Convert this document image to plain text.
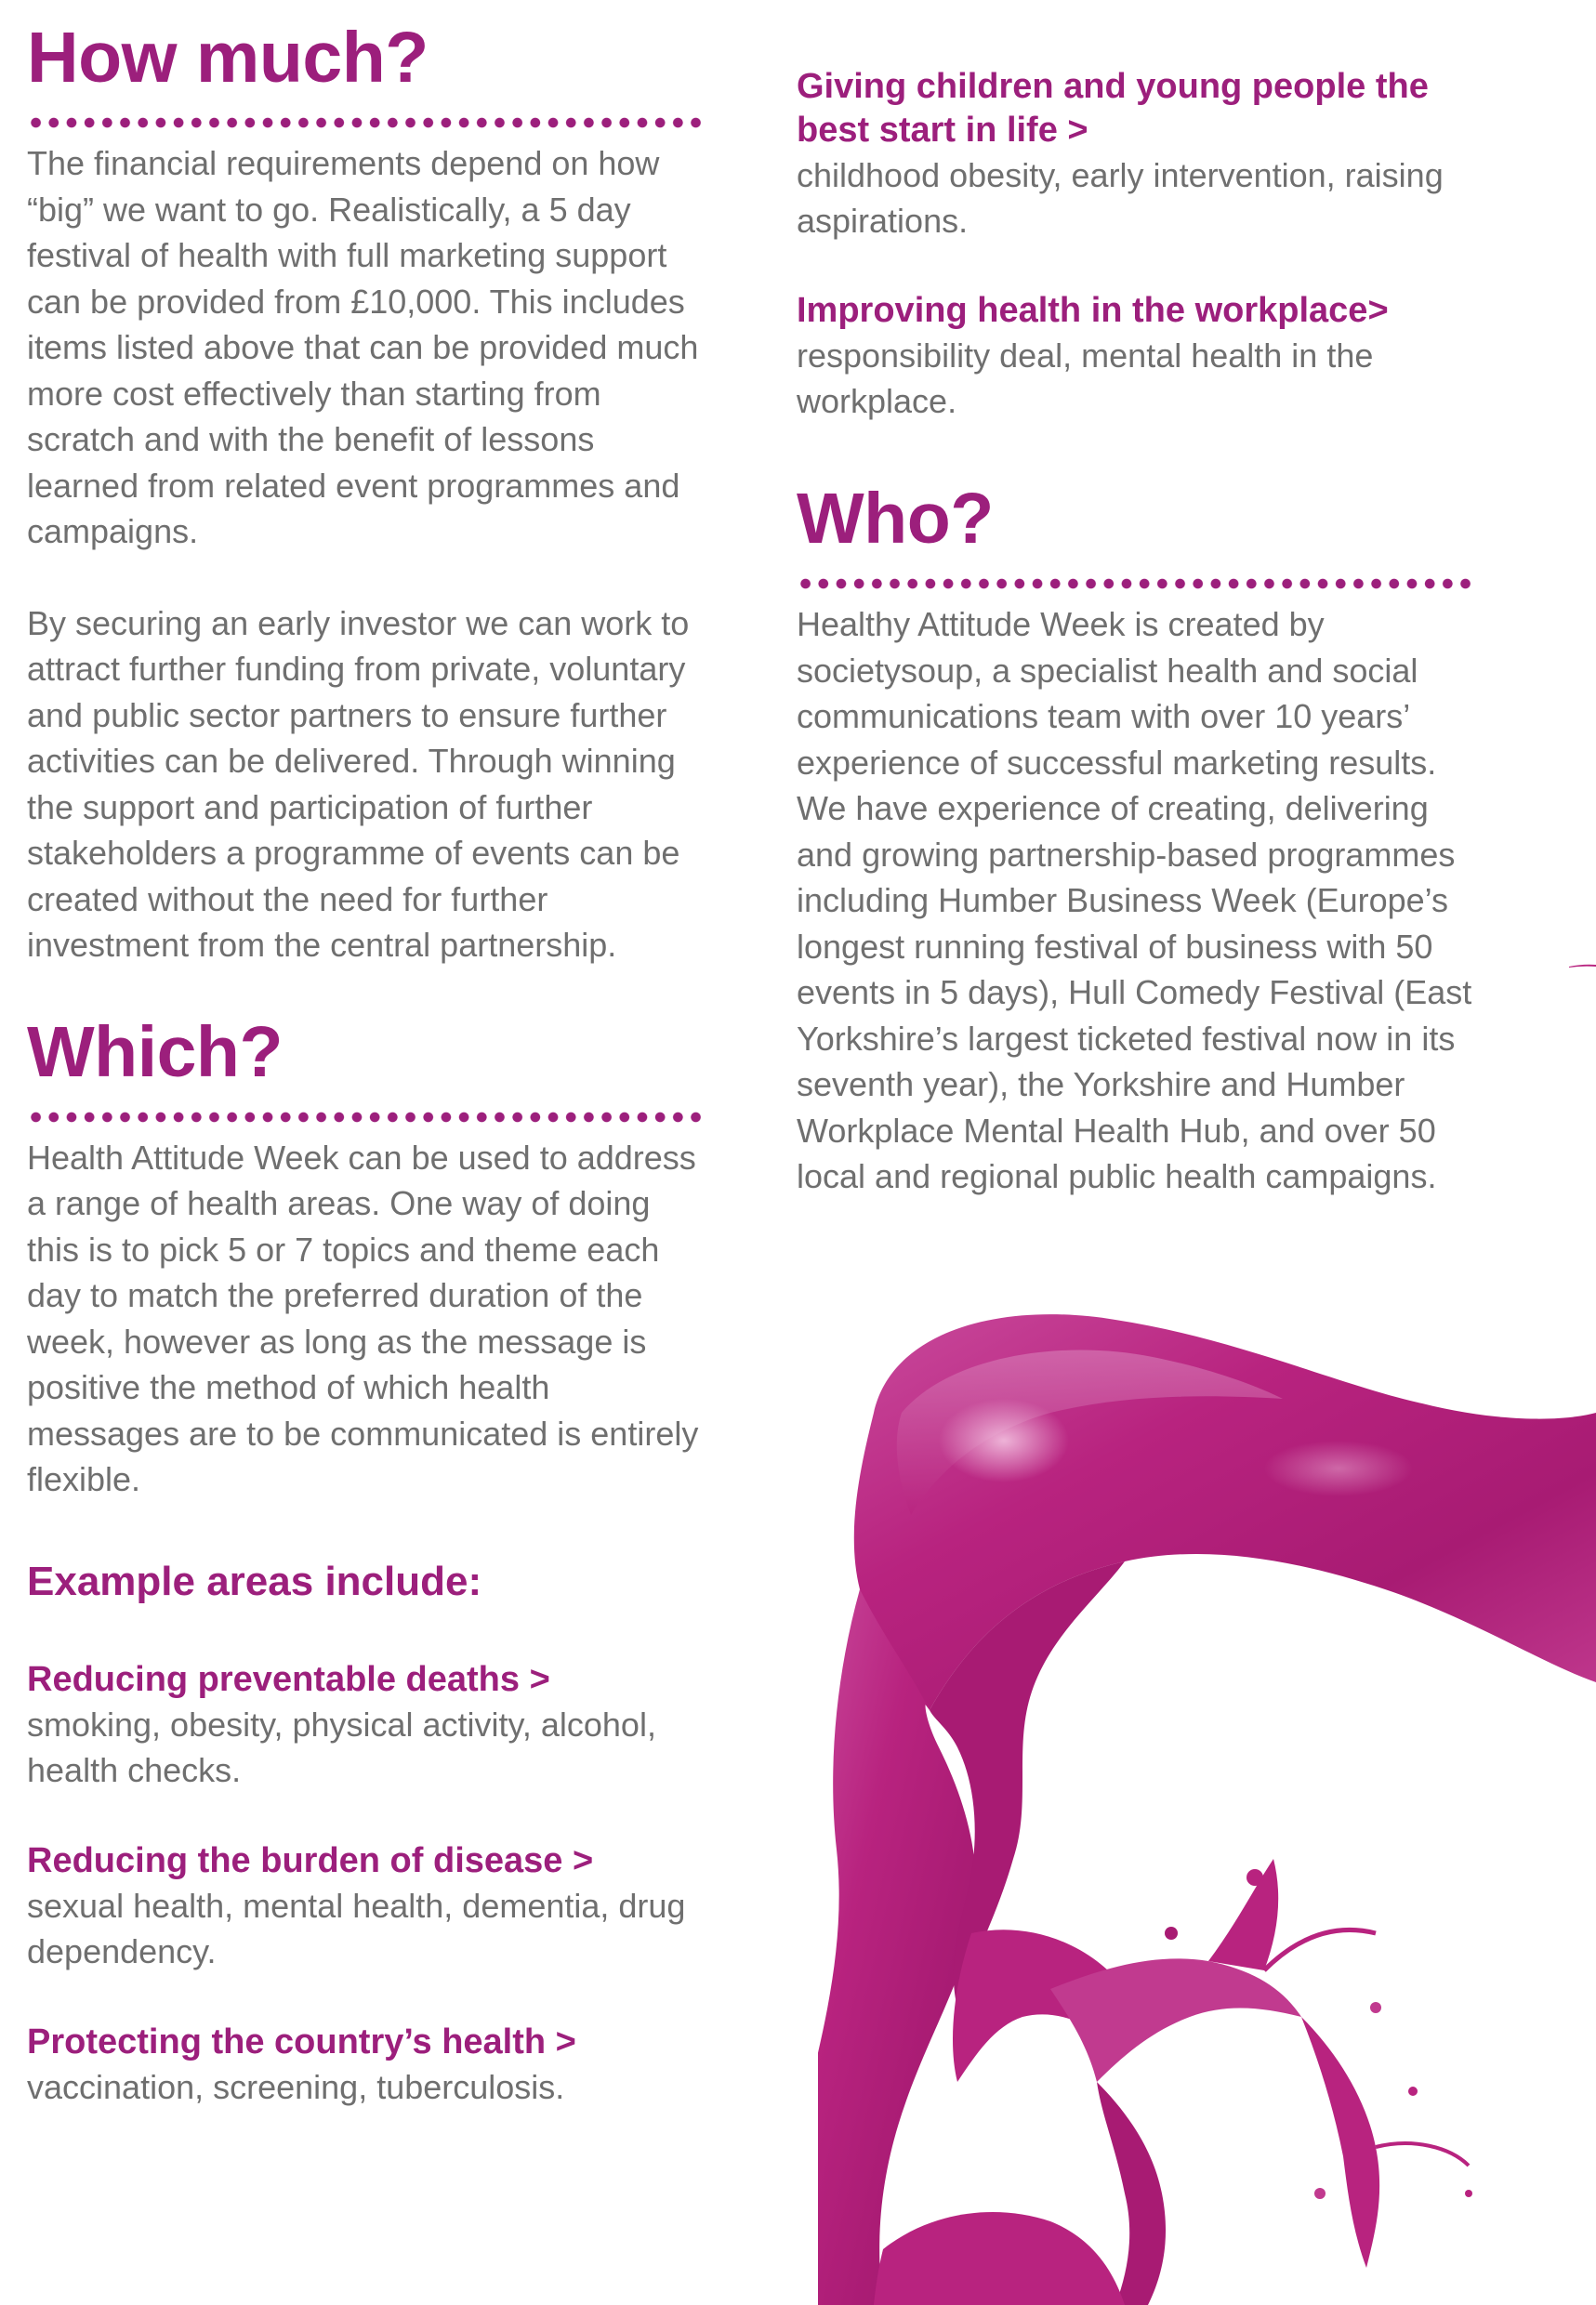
How much?

The financial requirements depend on how “big” we want to go. Realistically, a 5 day festival of health with full marketing support can be provided from £10,000. This includes items listed above that can be provided much more cost effectively than starting from scratch and with the benefit of lessons learned from related event programmes and campaigns.

By securing an early investor we can work to attract further funding from private, voluntary and public sector partners to ensure further activities can be delivered. Through winning the support and participation of further stakeholders a programme of events can be created without the need for further investment from the central partnership.

Which?

Health Attitude Week can be used to address a range of health areas. One way of doing this is to pick 5 or 7 topics and theme each day to match the preferred duration of the week, however as long as the message is positive the method of which health messages are to be communicated is entirely flexible.

Example areas include:

Reducing preventable deaths >

smoking, obesity, physical activity, alcohol, health checks.

Reducing the burden of disease >

sexual health, mental health, dementia, drug dependency.

Protecting the country’s health >

vaccination, screening, tuberculosis.

Giving children and young people the best start in life >

childhood obesity, early intervention, raising aspirations.

Improving health in the workplace>

responsibility deal, mental health in the workplace.

Who?

Healthy Attitude Week is created by societysoup, a specialist health and social communications team with over 10 years’ experience of successful marketing results. We have experience of creating, delivering and growing partnership-based programmes including Humber Business Week (Europe’s longest running festival of business with 50 events in 5 days), Hull Comedy Festival (East Yorkshire’s largest ticketed festival now in its seventh year), the Yorkshire and Humber Workplace Mental Health Hub, and over 50 local and regional public health campaigns.
